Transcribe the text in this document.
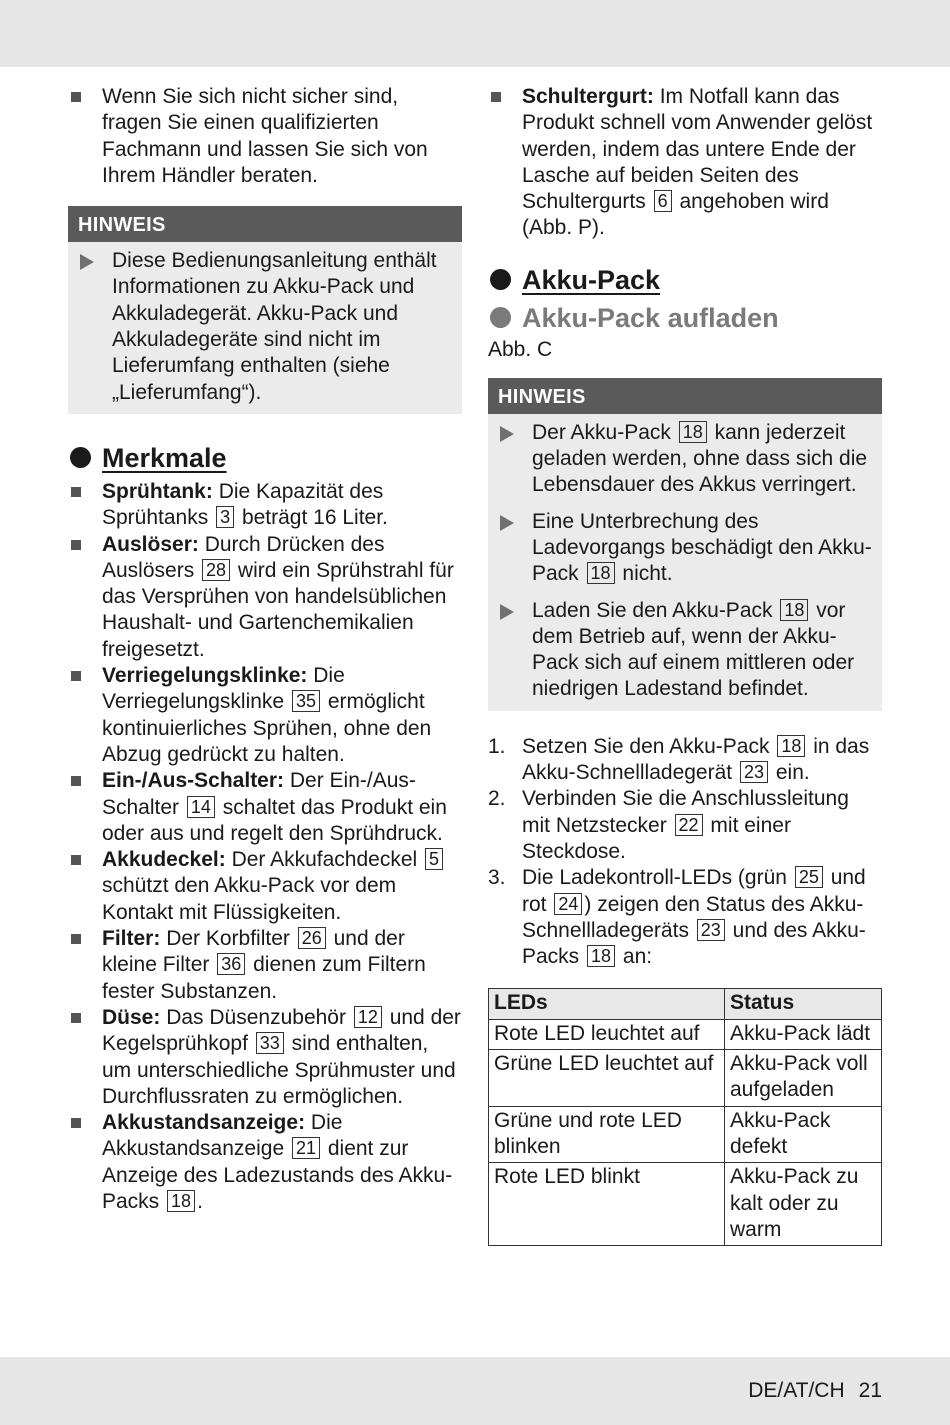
Wenn Sie sich nicht sicher sind, fragen Sie einen qualifizierten Fachmann und lassen Sie sich von Ihrem Händler beraten.
HINWEIS
Diese Bedienungsanleitung enthält Informationen zu Akku-Pack und Akkuladegerät. Akku-Pack und Akkuladegeräte sind nicht im Lieferumfang enthalten (siehe „Lieferumfang“).
Merkmale
Sprühtank: Die Kapazität des Sprühtanks 3 beträgt 16 Liter.
Auslöser: Durch Drücken des Auslösers 28 wird ein Sprühstrahl für das Versprühen von handelsüblichen Haushalt- und Gartenchemikalien freigesetzt.
Verriegelungsklinke: Die Verriegelungsklinke 35 ermöglicht kontinuierliches Sprühen, ohne den Abzug gedrückt zu halten.
Ein-/Aus-Schalter: Der Ein-/Aus-Schalter 14 schaltet das Produkt ein oder aus und regelt den Sprühdruck.
Akkudeckel: Der Akkufachdeckel 5 schützt den Akku-Pack vor dem Kontakt mit Flüssigkeiten.
Filter: Der Korbfilter 26 und der kleine Filter 36 dienen zum Filtern fester Substanzen.
Düse: Das Düsenzubehör 12 und der Kegelsprühkopf 33 sind enthalten, um unterschiedliche Sprühmuster und Durchflussraten zu ermöglichen.
Akkustandsanzeige: Die Akkustandsanzeige 21 dient zur Anzeige des Ladezustands des Akku-Packs 18 .
Schultergurt: Im Notfall kann das Produkt schnell vom Anwender gelöst werden, indem das untere Ende der Lasche auf beiden Seiten des Schultergurts 6 angehoben wird (Abb. P).
Akku-Pack
Akku-Pack aufladen
Abb. C
HINWEIS
Der Akku-Pack 18 kann jederzeit geladen werden, ohne dass sich die Lebensdauer des Akkus verringert.
Eine Unterbrechung des Ladevorgangs beschädigt den Akku-Pack 18 nicht.
Laden Sie den Akku-Pack 18 vor dem Betrieb auf, wenn der Akku-Pack sich auf einem mittleren oder niedrigen Ladestand befindet.
1. Setzen Sie den Akku-Pack 18 in das Akku-Schnellladegerät 23 ein.
2. Verbinden Sie die Anschlussleitung mit Netzstecker 22 mit einer Steckdose.
3. Die Ladekontroll-LEDs (grün 25 und rot 24 ) zeigen den Status des Akku-Schnellladegeräts 23 und des Akku-Packs 18 an:
LEDs	Status
Rote LED leuchtet auf	Akku-Pack lädt
Grüne LED leuchtet auf	Akku-Pack voll aufgeladen
Grüne und rote LED blinken	Akku-Pack defekt
Rote LED blinkt	Akku-Pack zu kalt oder zu warm
DE/AT/CH 21
